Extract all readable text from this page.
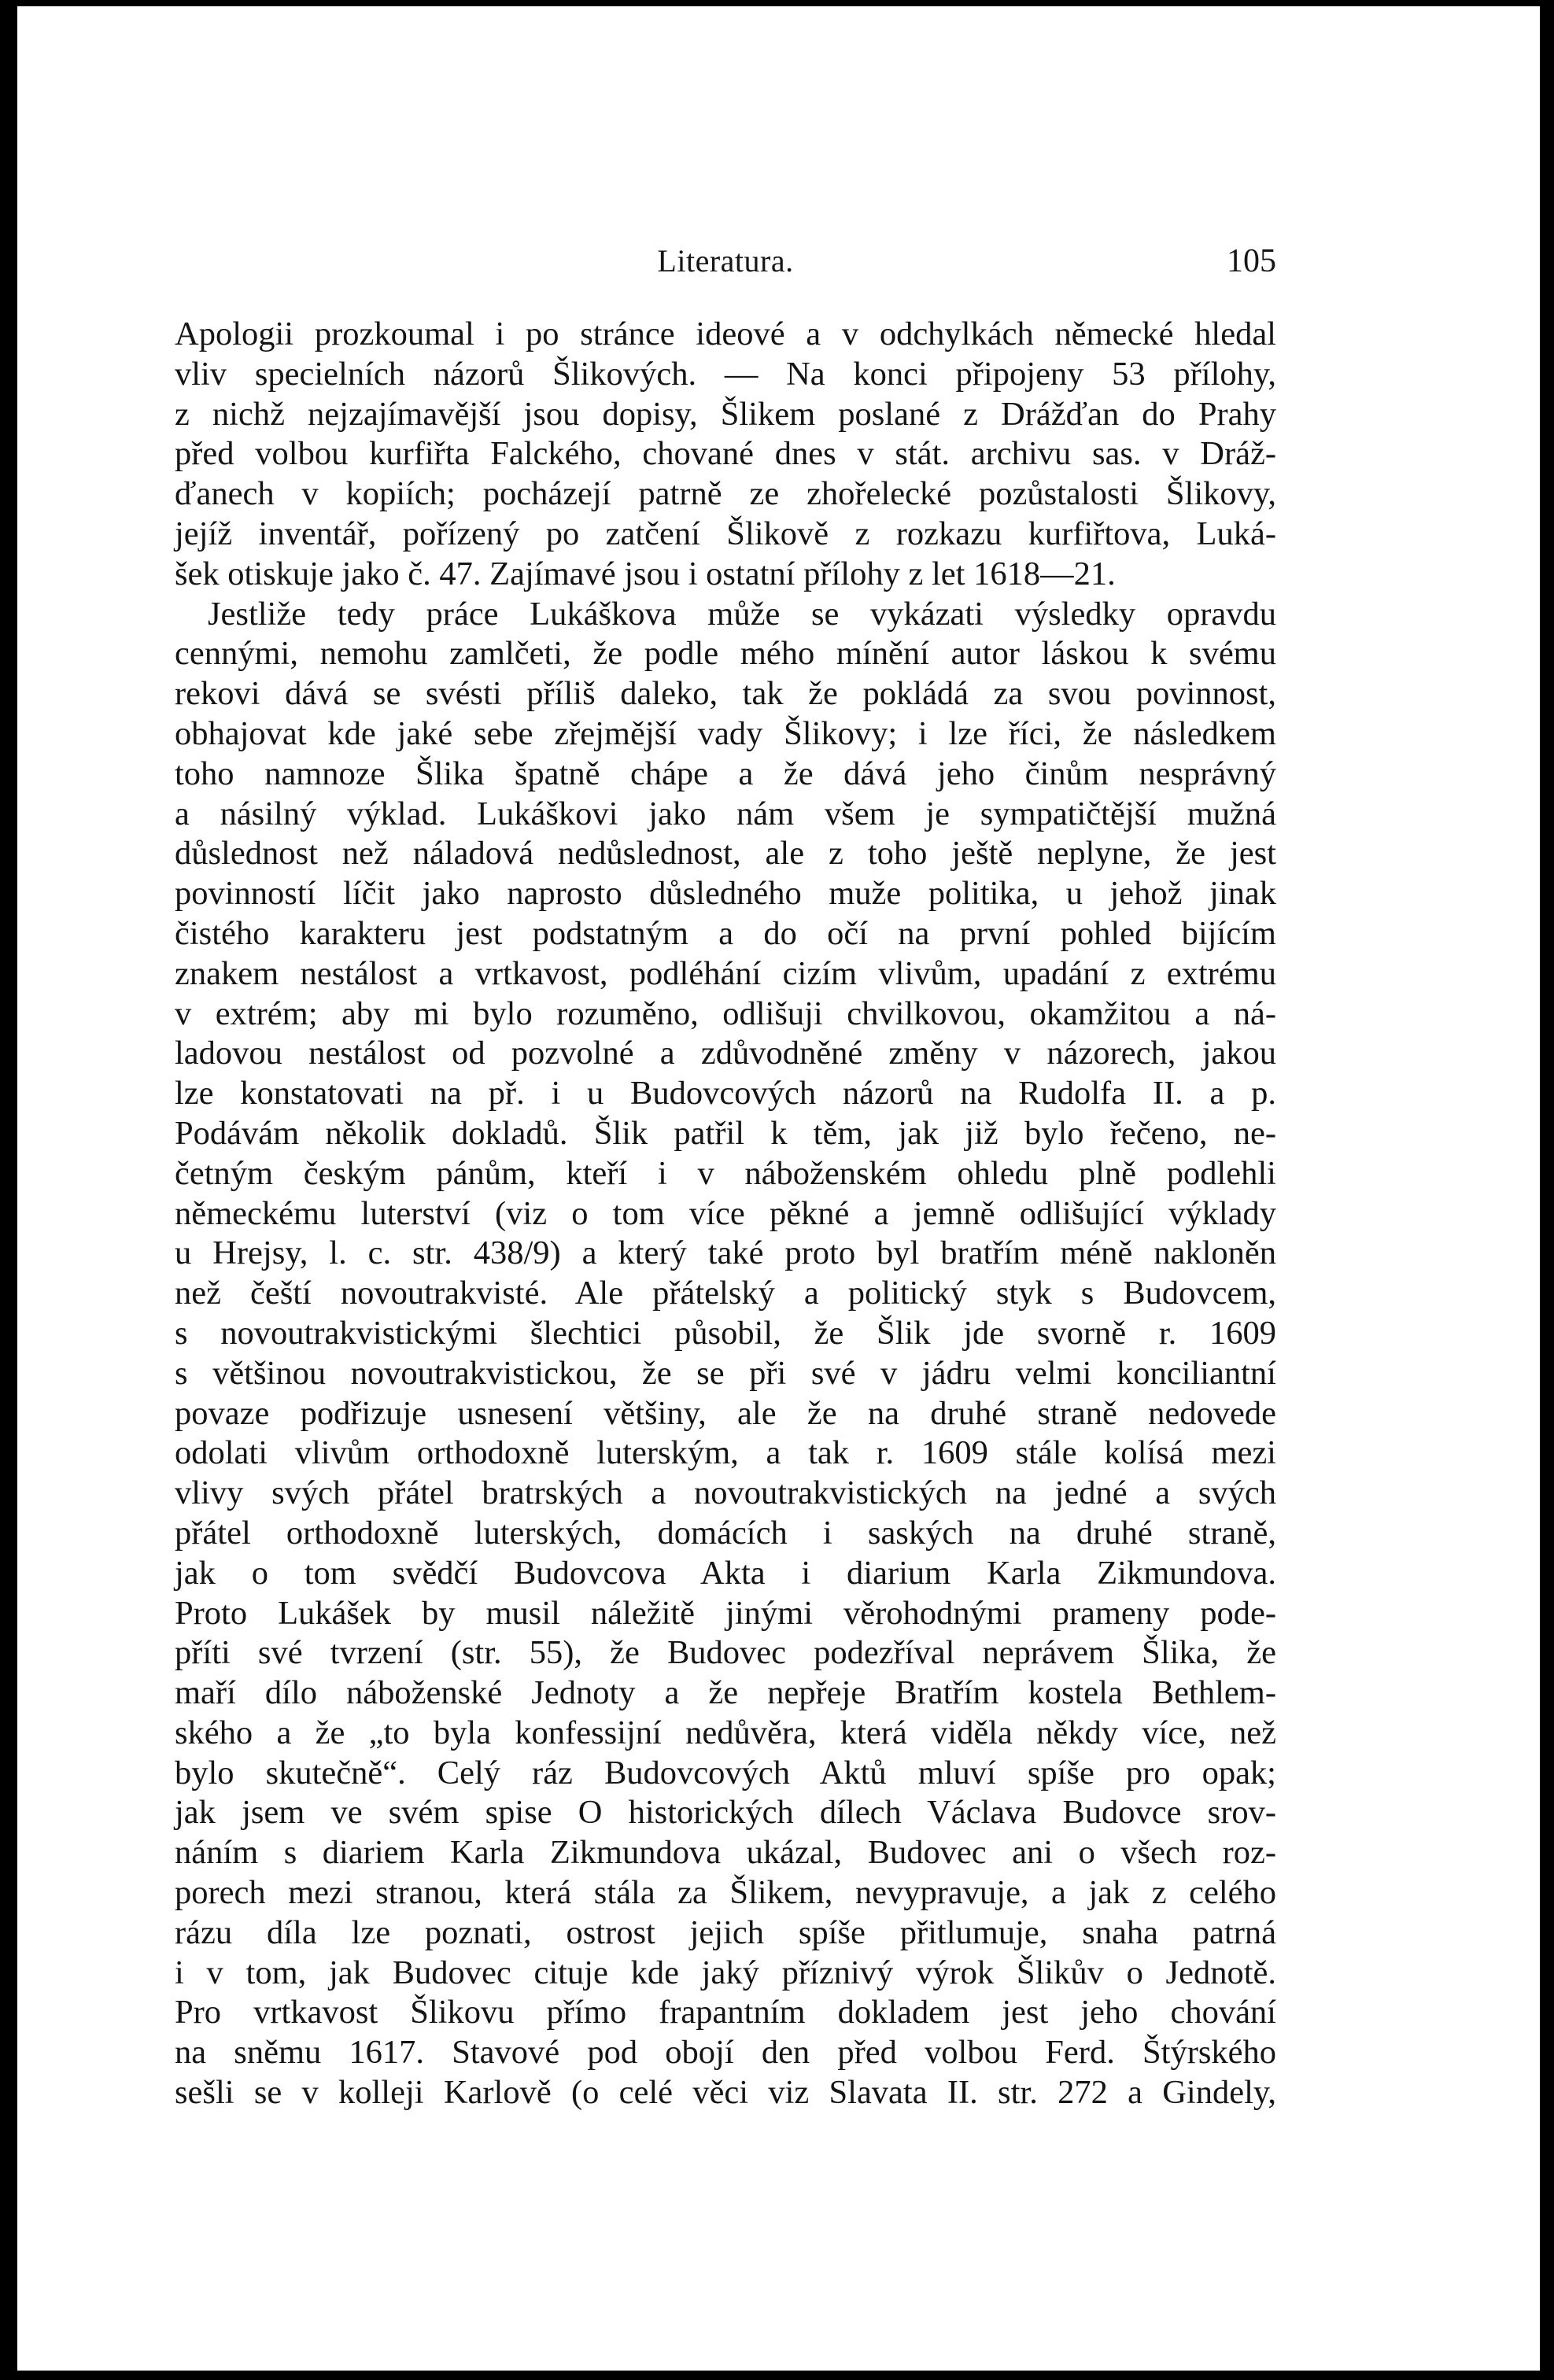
Literatura.	105
Apologii prozkoumal i po stránce ideové a v odchylkách německé hledal
vliv specielních názorů Šlikových. — Na konci připojeny 53 přílohy,
z nichž nejzajímavější jsou dopisy, Šlikem poslané z Drážďan do Prahy
před volbou kurfiřta Falckého, chované dnes v stát. archivu sas. v Dráž-
ďanech v kopiích; pocházejí patrně ze zhořelecké pozůstalosti Šlikovy,
jejíž inventář, pořízený po zatčení Šlikově z rozkazu kurfiřtova, Luká-
šek otiskuje jako č. 47. Zajímavé jsou i ostatní přílohy z let 1618—21.
Jestliže tedy práce Lukáškova může se vykázati výsledky opravdu
cennými, nemohu zamlčeti, že podle mého mínění autor láskou k svému
rekovi dává se svésti příliš daleko, tak že pokládá za svou povinnost,
obhajovat kde jaké sebe zřejmější vady Šlikovy; i lze říci, že následkem
toho namnoze Šlika špatně chápe a že dává jeho činům nesprávný
a násilný výklad. Lukáškovi jako nám všem je sympatičtější mužná
důslednost než náladová nedůslednost, ale z toho ještě neplyne, že jest
povinností líčit jako naprosto důsledného muže politika, u jehož jinak
čistého karakteru jest podstatným a do očí na první pohled bijícím
znakem nestálost a vrtkavost, podléhání cizím vlivům, upadání z extrému
v extrém; aby mi bylo rozuměno, odlišuji chvilkovou, okamžitou a ná-
ladovou nestálost od pozvolné a zdůvodněné změny v názorech, jakou
lze konstatovati na př. i u Budovcových názorů na Rudolfa II. a p.
Podávám několik dokladů. Šlik patřil k těm, jak již bylo řečeno, ne-
četným českým pánům, kteří i v náboženském ohledu plně podlehli
německému luterství (viz o tom více pěkné a jemně odlišující výklady
u Hrejsy, l. c. str. 438/9) a který také proto byl bratřím méně nakloněn
než čeští novoutrakvisté. Ale přátelský a politický styk s Budovcem,
s novoutrakvistickými šlechtici působil, že Šlik jde svorně r. 1609
s většinou novoutrakvistickou, že se při své v jádru velmi konciliantní
povaze podřizuje usnesení většiny, ale že na druhé straně nedovede
odolati vlivům orthodoxně luterským, a tak r. 1609 stále kolísá mezi
vlivy svých přátel bratrských a novoutrakvistických na jedné a svých
přátel orthodoxně luterských, domácích i saských na druhé straně,
jak o tom svědčí Budovcova Akta i diarium Karla Zikmundova.
Proto Lukášek by musil náležitě jinými věrohodnými prameny pode-
příti své tvrzení (str. 55), že Budovec podezříval neprávem Šlika, že
maří dílo náboženské Jednoty a že nepřeje Bratřím kostela Bethlem-
ského a že „to byla konfessijní nedůvěra, která viděla někdy více, než
bylo skutečně“. Celý ráz Budovcových Aktů mluví spíše pro opak;
jak jsem ve svém spise O historických dílech Václava Budovce srov-
náním s diariem Karla Zikmundova ukázal, Budovec ani o všech roz-
porech mezi stranou, která stála za Šlikem, nevypravuje, a jak z celého
rázu díla lze poznati, ostrost jejich spíše přitlumuje, snaha patrná
i v tom, jak Budovec cituje kde jaký příznivý výrok Šlikův o Jednotě.
Pro vrtkavost Šlikovu přímo frapantním dokladem jest jeho chování
na sněmu 1617. Stavové pod obojí den před volbou Ferd. Štýrského
sešli se v kolleji Karlově (o celé věci viz Slavata II. str. 272 a Gindely,
